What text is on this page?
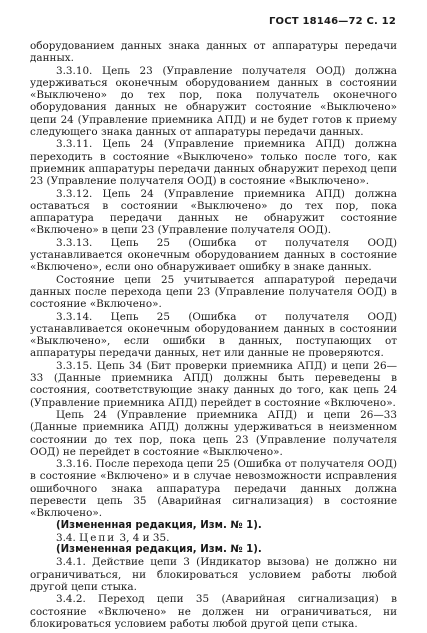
ГОСТ 18146—72 С. 12

оборудованием данных знака данных от аппаратуры передачи данных.

3.3.10. Цепь 23 (Управление получателя ООД) должна удерживаться оконечным оборудованием данных в состоянии «Выключено» до тех пор, пока получатель оконечного оборудования данных не обнаружит состояние «Выключено» цепи 24 (Управление приемника АПД) и не будет готов к приему следующего знака данных от аппаратуры передачи данных.

3.3.11. Цепь 24 (Управление приемника АПД) должна переходить в состояние «Выключено» только после того, как приемник аппаратуры передачи данных обнаружит переход цепи 23 (Управление получателя ООД) в состояние «Выключено».

3.3.12. Цепь 24 (Управление приемника АПД) должна оставаться в состоянии «Выключено» до тех пор, пока аппаратура передачи данных не обнаружит состояние «Включено» в цепи 23 (Управление получателя ООД).

3.3.13. Цепь 25 (Ошибка от получателя ООД) устанавливается оконечным оборудованием данных в состояние «Включено», если оно обнаруживает ошибку в знаке данных.

Состояние цепи 25 учитывается аппаратурой передачи данных после перехода цепи 23 (Управление получателя ООД) в состояние «Включено».

3.3.14. Цепь 25 (Ошибка от получателя ООД) устанавливается оконечным оборудованием данных в состоянии «Выключено», если ошибки в данных, поступающих от аппаратуры передачи данных, нет или данные не проверяются.

3.3.15. Цепь 34 (Бит проверки приемника АПД) и цепи 26—33 (Данные приемника АПД) должны быть переведены в состояния, соответствующие знаку данных до того, как цепь 24 (Управление приемника АПД) перейдет в состояние «Включено».

Цепь 24 (Управление приемника АПД) и цепи 26—33 (Данные приемника АПД) должны удерживаться в неизменном состоянии до тех пор, пока цепь 23 (Управление получателя ООД) не перейдет в состояние «Выключено».

3.3.16. После перехода цепи 25 (Ошибка от получателя ООД) в состояние «Включено» и в случае невозможности исправления ошибочного знака аппаратура передачи данных должна перевести цепь 35 (Аварийная сигнализация) в состояние «Включено».

(Измененная редакция, Изм. № 1).

3.4. Цепи 3, 4 и 35.

(Измененная редакция, Изм. № 1).

3.4.1. Действие цепи 3 (Индикатор вызова) не должно ни ограничиваться, ни блокироваться условием работы любой другой цепи стыка.

3.4.2. Переход цепи 35 (Аварийная сигнализация) в состояние «Включено» не должен ни ограничиваться, ни блокироваться условием работы любой другой цепи стыка.
